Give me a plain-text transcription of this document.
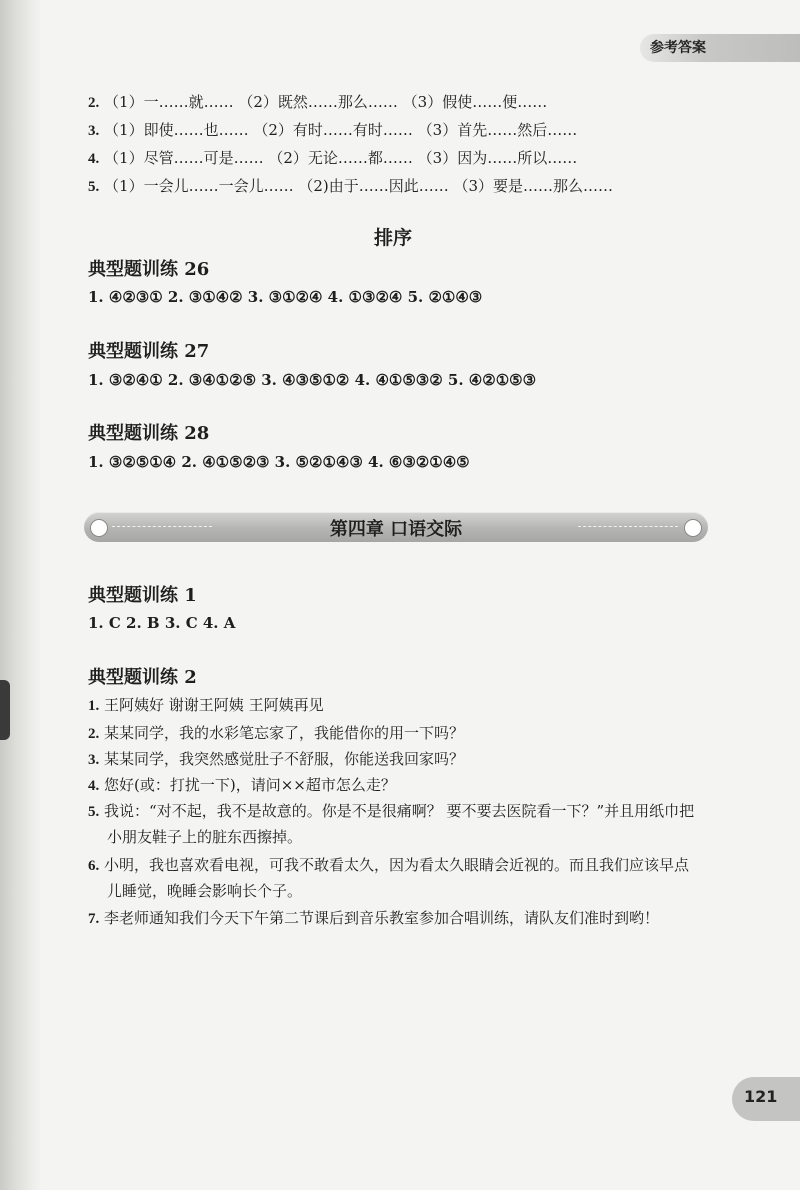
参考答案
2. （1）一……就…… （2）既然……那么…… （3）假使……便……
3. （1）即使……也…… （2）有时……有时…… （3）首先……然后……
4. （1）尽管……可是…… （2）无论……都…… （3）因为……所以……
5. （1）一会儿……一会儿…… （2)由于……因此…… （3）要是……那么……
排序
典型题训练 26
1. ④②③① 2. ③①④② 3. ③①②④ 4. ①③②④ 5. ②①④③
典型题训练 27
1. ③②④① 2. ③④①②⑤ 3. ④③⑤①② 4. ④①⑤③② 5. ④②①⑤③
典型题训练 28
1. ③②⑤①④ 2. ④①⑤②③ 3. ⑤②①④③ 4. ⑥③②①④⑤
第四章 口语交际
典型题训练 1
1. C 2. B 3. C 4. A
典型题训练 2
1. 王阿姨好 谢谢王阿姨 王阿姨再见
2. 某某同学，我的水彩笔忘家了，我能借你的用一下吗？
3. 某某同学，我突然感觉肚子不舒服，你能送我回家吗？
4. 您好(或：打扰一下)，请问××超市怎么走？
5. 我说：“对不起，我不是故意的。你是不是很痛啊？ 要不要去医院看一下？”并且用纸巾把
小朋友鞋子上的脏东西擦掉。
6. 小明，我也喜欢看电视，可我不敢看太久，因为看太久眼睛会近视的。而且我们应该早点
儿睡觉，晚睡会影响长个子。
7. 李老师通知我们今天下午第二节课后到音乐教室参加合唱训练，请队友们准时到哟！
121
